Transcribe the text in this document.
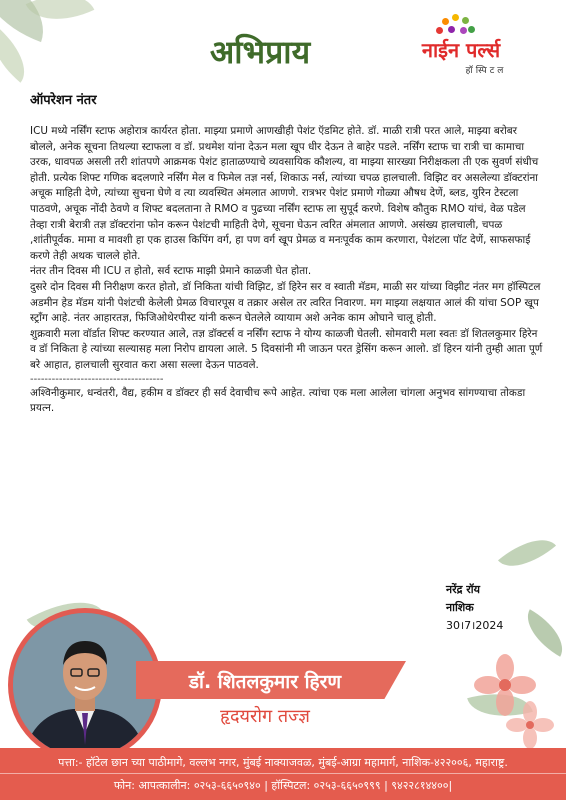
अभिप्राय	नाईन पर्ल्स
हॉस्पिटल
ऑपरेशन नंतर

ICU मध्ये नर्सिंग स्टाफ अहोरात्र कार्यरत होता. माझ्या प्रमाणे आणखीही पेशंट ऍडमिट होते. डॉ. माळी रात्री परत आले, माझ्या बरोबर बोलले, अनेक सूचना तिथल्या स्टाफला व डॉ. प्रथमेश यांना देऊन मला खूप धीर देऊन ते बाहेर पडले. नर्सिंग स्टाफ चा रात्री चा कामाचा उरक, धावपळ असली तरी शांतपणे आक्रमक पेशंट हाताळण्याचे व्यवसायिक कौशल्य, वा माझ्या सारख्या निरीक्षकला ती एक सुवर्ण संधीच होती. प्रत्येक शिफ्ट गणिक बदलणारे नर्सिंग मेल व फिमेल तज्ञ नर्स, शिकाऊ नर्स, त्यांच्या चपळ हालचाली. विझिट वर असलेल्या डॉक्टरांना अचूक माहिती देणे, त्यांच्या सुचना घेणे व त्या व्यवस्थित अंमलात आणणे. रात्रभर पेशंट प्रमाणे गोळ्या औषध देणें, ब्लड, युरिन टेस्टला पाठवणे, अचूक नोंदी ठेवणे व शिफ्ट बदलताना ते RMO व पुढच्या नर्सिंग स्टाफ ला सुपूर्द करणे. विशेष कौतुक RMO यांचं, वेळ पडेल तेव्हा रात्री बेरात्री तज्ञ डॉक्टरांना फोन करून पेशंटची माहिती देणे, सूचना घेऊन त्वरित अंमलात आणणे. असंख्य हालचाली, चपळ ,शांतीपूर्वक. मामा व मावशी हा एक हाउस किपिंग वर्ग, हा पण वर्ग खूप प्रेमळ व मनःपूर्वक काम करणारा, पेशंटला पॉट देणें, साफसफाई करणे तेही अथक चालले होते.

नंतर तीन दिवस मी ICU त होतो, सर्व स्टाफ माझी प्रेमाने काळजी घेत होता.

दुसरे दोन दिवस मी निरीक्षण करत होतो, डॉ निकिता यांची विझिट, डॉ हिरेन सर व स्वाती मॅडम, माळी सर यांच्या विझीट नंतर मग हॉस्पिटल अडमीन हेड मॅडम यांनी पेशंटची केलेली प्रेमळ विचारपूस व तक्रार असेल तर त्वरित निवारण. मग माझ्या लक्षयात आलं की यांचा SOP खूप स्ट्रॉंग आहे. नंतर आहारतज्ञ, फिजिओथेरपीस्ट यांनी करून घेतलेले व्यायाम अशे अनेक काम ओघाने चालू होती.

शुक्रवारी मला वॉर्डात शिफ्ट करण्यात आले, तज्ञ डॉक्टर्स व नर्सिंग स्टाफ ने योग्य काळजी घेतली. सोमवारी मला स्वतः डॉ शितलकुमार हिरेन व डॉ निकिता हे त्यांच्या सल्यासह मला निरोप द्यायला आले. 5 दिवसांनी मी जाऊन परत ड्रेसिंग करून आलो. डॉ हिरन यांनी तुम्ही आता पूर्ण बरे आहात, हालचाली सुरवात करा असा सल्ला देऊन पाठवले.

-------------------------------------

अश्विनीकुमार, धन्वंतरी, वैद्य, हकीम व डॉक्टर ही सर्व देवाचीच रूपे आहेत. त्यांचा एक मला आलेला चांगला अनुभव सांगण्याचा तोकडा प्रयत्न.

नरेंद्र रॉय
नाशिक
30।7।2024
डॉ. शितलकुमार हिरण
हृदयरोग तज्ज्ञ
पत्ता:- हॉटेल छान च्या पाठीमागे, वल्लभ नगर, मुंबई नाक्याजवळ, मुंबई-आग्रा महामार्ग, नाशिक-४२२००६, महाराष्ट्र.
फोन: आपत्कालीन: ०२५३-६६५०९४० | हॉस्पिटल: ०२५३-६६५०९९९ | ९४२२८१४४००|
